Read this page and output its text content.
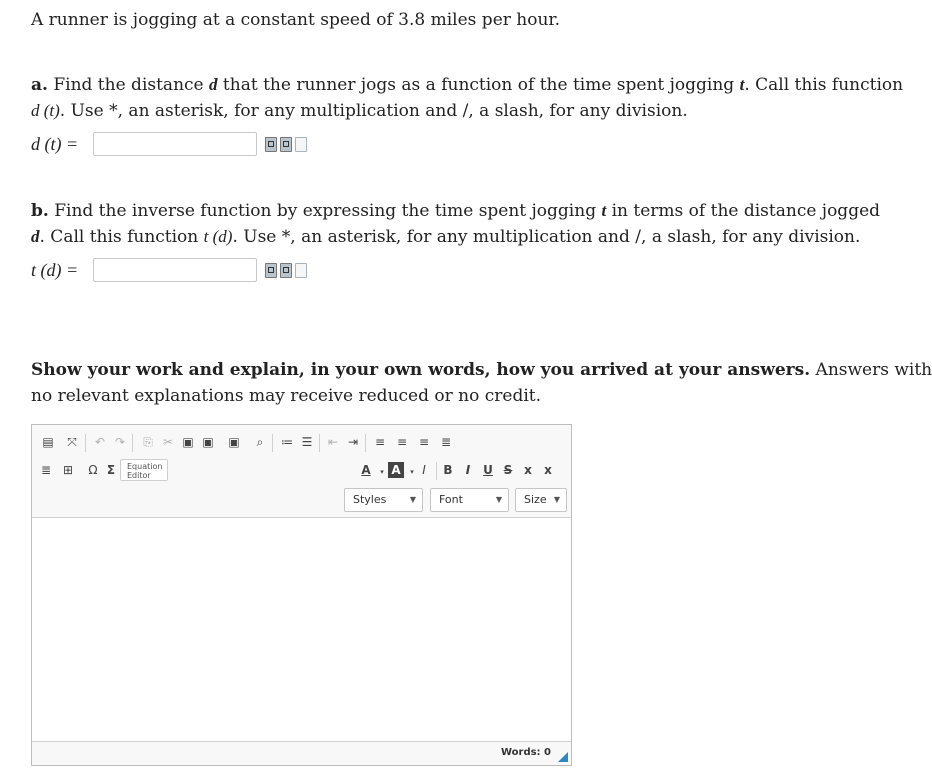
A runner is jogging at a constant speed of 3.8 miles per hour.
a. Find the distance d that the runner jogs as a function of the time spent jogging t. Call this function
d (t). Use *, an asterisk, for any multiplication and /, a slash, for any division.
d (t) =
b. Find the inverse function by expressing the time spent jogging t in terms of the distance jogged
d. Call this function t (d). Use *, an asterisk, for any multiplication and /, a slash, for any division.
t (d) =
Show your work and explain, in your own words, how you arrived at your answers. Answers with
no relevant explanations may receive reduced or no credit.
▤ ⤧ ↶ ↷ ⎘ ✂ ▣ ▣ ▣	⌕	≔ ☰ ⇤ ⇥ ≡ ≡ ≡ ≣
≣ ⊞ Ω Σ	Equation
Editor	A	▾ A	▾ I	B	I	U S x	x
Styles	▼	Font	▼	Size ▼
Words: 0
